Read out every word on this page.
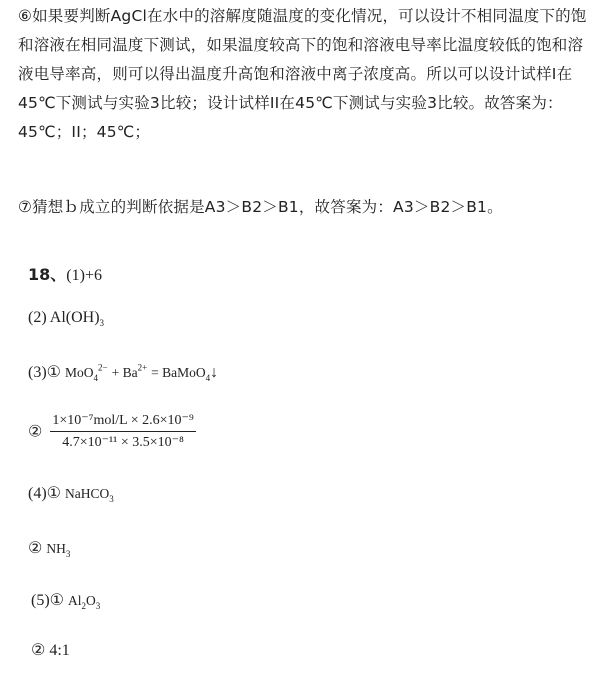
⑥如果要判断AgCl在水中的溶解度随温度的变化情况，可以设计不相同温度下的饱和溶液在相同温度下测试，如果温度较高下的饱和溶液电导率比温度较低的饱和溶液电导率高，则可以得出温度升高饱和溶液中离子浓度高。所以可以设计试样Ⅰ在45℃下测试与实验3比较；设计试样II在45℃下测试与实验3比较。故答案为：45℃；II；45℃；
⑦猜想ｂ成立的判断依据是A3＞B2＞B1，故答案为：A3＞B2＞B1。
18、(1)+6
(2) $Al(OH)_3$
(3)① $MoO_4^{2-} + Ba^{2+}$ = BaMoO$_4$↓
② $\frac{\text{1×10⁻⁷mol/L × 2.6×10⁻⁹}}{\text{4.7×10⁻¹¹ × 3.5×10⁻⁸}}$
(4)① NaHCO$_3$
② $NH_3$
(5)① $Al_2O_3$
② 4:1
